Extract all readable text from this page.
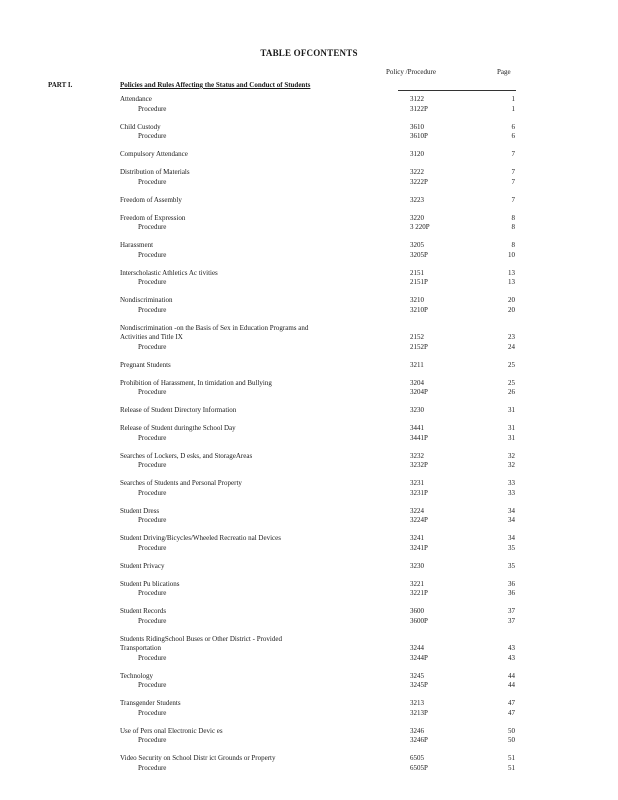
TABLE OFCONTENTS
Policy /Procedure	Page
PART I.	Policies and Rules Affecting the Status and Conduct of Students
Attendance	3122	1
Procedure	3122P	1
Child Custody	3610	6
Procedure	3610P	6
Compulsory Attendance	3120	7
Distribution of Materials	3222	7
Procedure	3222P	7
Freedom of Assembly	3223	7
Freedom of Expression	3220	8
Procedure	3 220P	8
Harassment	3205	8
Procedure	3205P	10
Interscholastic Athletics Ac tivities	2151	13
Procedure	2151P	13
Nondiscrimination	3210	20
Procedure	3210P	20
Nondiscrimination -on the Basis of Sex in Education Programs and
Activities and Title IX	2152	23
Procedure	2152P	24
Pregnant Students	3211	25
Prohibition of Harassment, In timidation and Bullying	3204	25
Procedure	3204P	26
Release of Student Directory Information	3230	31
Release of Student duringthe School Day	3441	31
Procedure	3441P	31
Searches of Lockers, D esks, and StorageAreas	3232	32
Procedure	3232P	32
Searches of Students and Personal Property	3231	33
Procedure	3231P	33
Student Dress	3224	34
Procedure	3224P	34
Student Driving/Bicycles/Wheeled Recreatio nal Devices	3241	34
Procedure	3241P	35
Student Privacy	3230	35
Student Pu blications	3221	36
Procedure	3221P	36
Student Records	3600	37
Procedure	3600P	37
Students RidingSchool Buses or Other District - Provided
Transportation	3244	43
Procedure	3244P	43
Technology	3245	44
Procedure	3245P	44
Transgender Students	3213	47
Procedure	3213P	47
Use of Pers onal Electronic Devic es	3246	50
Procedure	3246P	50
Video Security on School Distr ict Grounds or Property	6505	51
Procedure	6505P	51
